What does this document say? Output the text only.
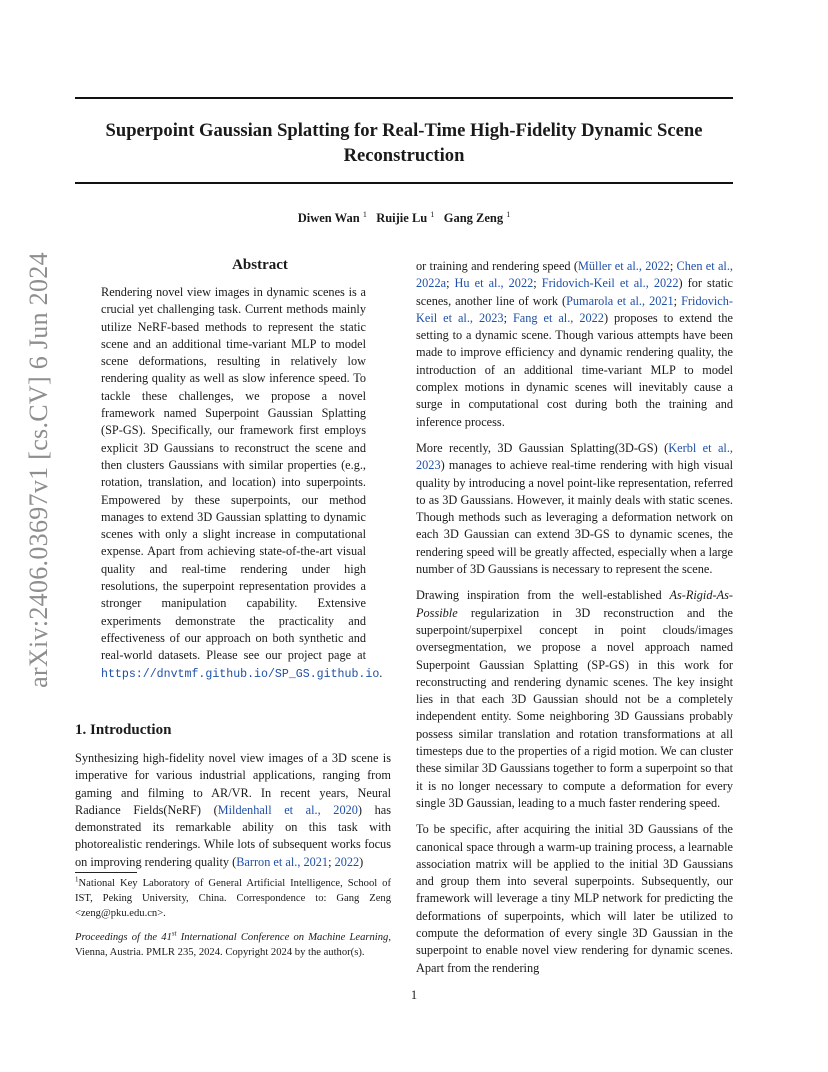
arXiv:2406.03697v1 [cs.CV] 6 Jun 2024
Superpoint Gaussian Splatting for Real-Time High-Fidelity Dynamic Scene Reconstruction
Diwen Wan $^1$ Ruijie Lu $^1$ Gang Zeng $^1$
Abstract

Rendering novel view images in dynamic scenes is a crucial yet challenging task. Current methods mainly utilize NeRF-based methods to represent the static scene and an additional time-variant MLP to model scene deformations, resulting in relatively low rendering quality as well as slow inference speed. To tackle these challenges, we propose a novel framework named Superpoint Gaussian Splatting (SP-GS). Specifically, our framework first employs explicit 3D Gaussians to reconstruct the scene and then clusters Gaussians with similar properties (e.g., rotation, translation, and location) into superpoints. Empowered by these superpoints, our method manages to extend 3D Gaussian splatting to dynamic scenes with only a slight increase in computational expense. Apart from achieving state-of-the-art visual quality and real-time rendering under high resolutions, the superpoint representation provides a stronger manipulation capability. Extensive experiments demonstrate the practicality and effectiveness of our approach on both synthetic and real-world datasets. Please see our project page at https://dnvtmf.github.io/SP_GS.github.io.

1. Introduction

Synthesizing high-fidelity novel view images of a 3D scene is imperative for various industrial applications, ranging from gaming and filming to AR/VR. In recent years, Neural Radiance Fields(NeRF) (Mildenhall et al., 2020) has demonstrated its remarkable ability on this task with photorealistic renderings. While lots of subsequent works focus on improving rendering quality (Barron et al., 2021; 2022)

$^1$National Key Laboratory of General Artificial Intelligence, School of IST, Peking University, China. Correspondence to: Gang Zeng <zeng@pku.edu.cn>.
Proceedings of the 41st International Conference on Machine Learning, Vienna, Austria. PMLR 235, 2024. Copyright 2024 by the author(s).

or training and rendering speed (Müller et al., 2022; Chen et al., 2022a; Hu et al., 2022; Fridovich-Keil et al., 2022) for static scenes, another line of work (Pumarola et al., 2021; Fridovich-Keil et al., 2023; Fang et al., 2022) proposes to extend the setting to a dynamic scene. Though various attempts have been made to improve efficiency and dynamic rendering quality, the introduction of an additional time-variant MLP to model complex motions in dynamic scenes will inevitably cause a surge in computational cost during both the training and inference process.

More recently, 3D Gaussian Splatting(3D-GS) (Kerbl et al., 2023) manages to achieve real-time rendering with high visual quality by introducing a novel point-like representation, referred to as 3D Gaussians. However, it mainly deals with static scenes. Though methods such as leveraging a deformation network on each 3D Gaussian can extend 3D-GS to dynamic scenes, the rendering speed will be greatly affected, especially when a large number of 3D Gaussians is necessary to represent the scene.

Drawing inspiration from the well-established As-Rigid-As-Possible regularization in 3D reconstruction and the superpoint/superpixel concept in point clouds/images oversegmentation, we propose a novel approach named Superpoint Gaussian Splatting (SP-GS) in this work for reconstructing and rendering dynamic scenes. The key insight lies in that each 3D Gaussian should not be a completely independent entity. Some neighboring 3D Gaussians probably possess similar translation and rotation transformations at all timesteps due to the properties of a rigid motion. We can cluster these similar 3D Gaussians together to form a superpoint so that it is no longer necessary to compute a deformation for every single 3D Gaussian, leading to a much faster rendering speed.

To be specific, after acquiring the initial 3D Gaussians of the canonical space through a warm-up training process, a learnable association matrix will be applied to the initial 3D Gaussians and group them into several superpoints. Subsequently, our framework will leverage a tiny MLP network for predicting the deformations of superpoints, which will later be utilized to compute the deformation of every single 3D Gaussian in the superpoint to enable novel view rendering for dynamic scenes. Apart from the rendering

1
